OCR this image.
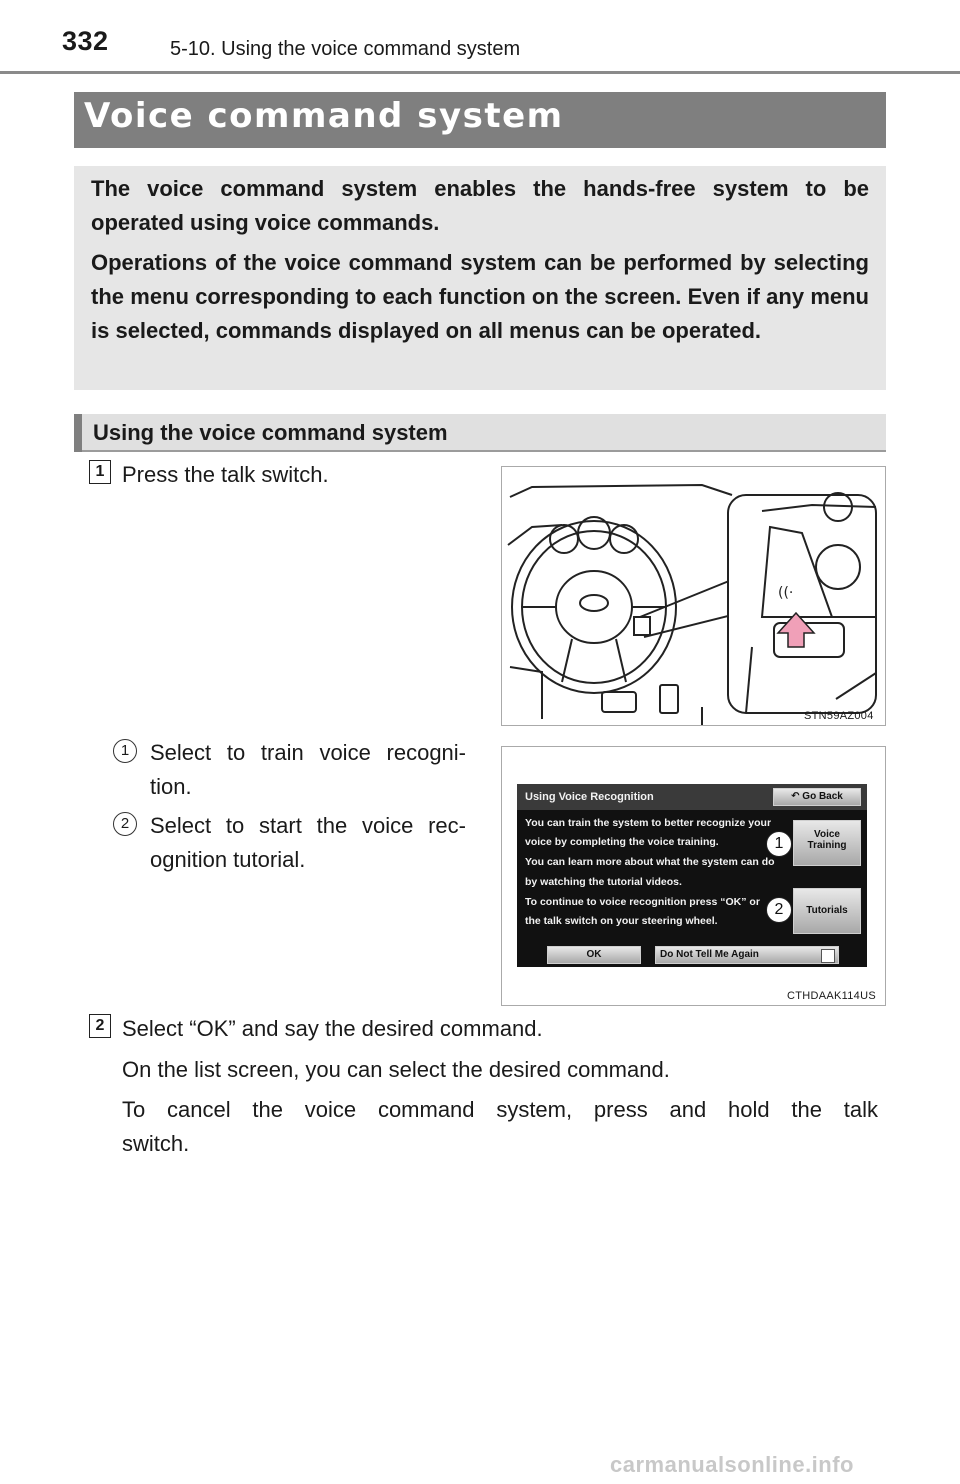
332	5-10. Using the voice command system
Voice command system

The voice command system enables the hands-free system to be operated using voice commands.

Operations of the voice command system can be performed by selecting the menu corresponding to each function on the screen. Even if any menu is selected, commands displayed on all menus can be operated.

Using the voice command system
1 Press the talk switch.
((·
STN59AZ004
1 Select to train voice recogni-
tion.
2 Select to start the voice rec-
ognition tutorial.
Using Voice Recognition	↶ Go Back
You can train the system to better recognize your
voice by completing the voice training.
You can learn more about what the system can do
by watching the tutorial videos.
To continue to voice recognition press “OK” or
the talk switch on your steering wheel.
Voice
Training
Tutorials
OK	Do Not Tell Me Again
1
2
CTHDAAK114US
2 Select “OK” and say the desired command.
On the list screen, you can select the desired command.
To cancel the voice command system, press and hold the talk
switch.
carmanualsonline.info
